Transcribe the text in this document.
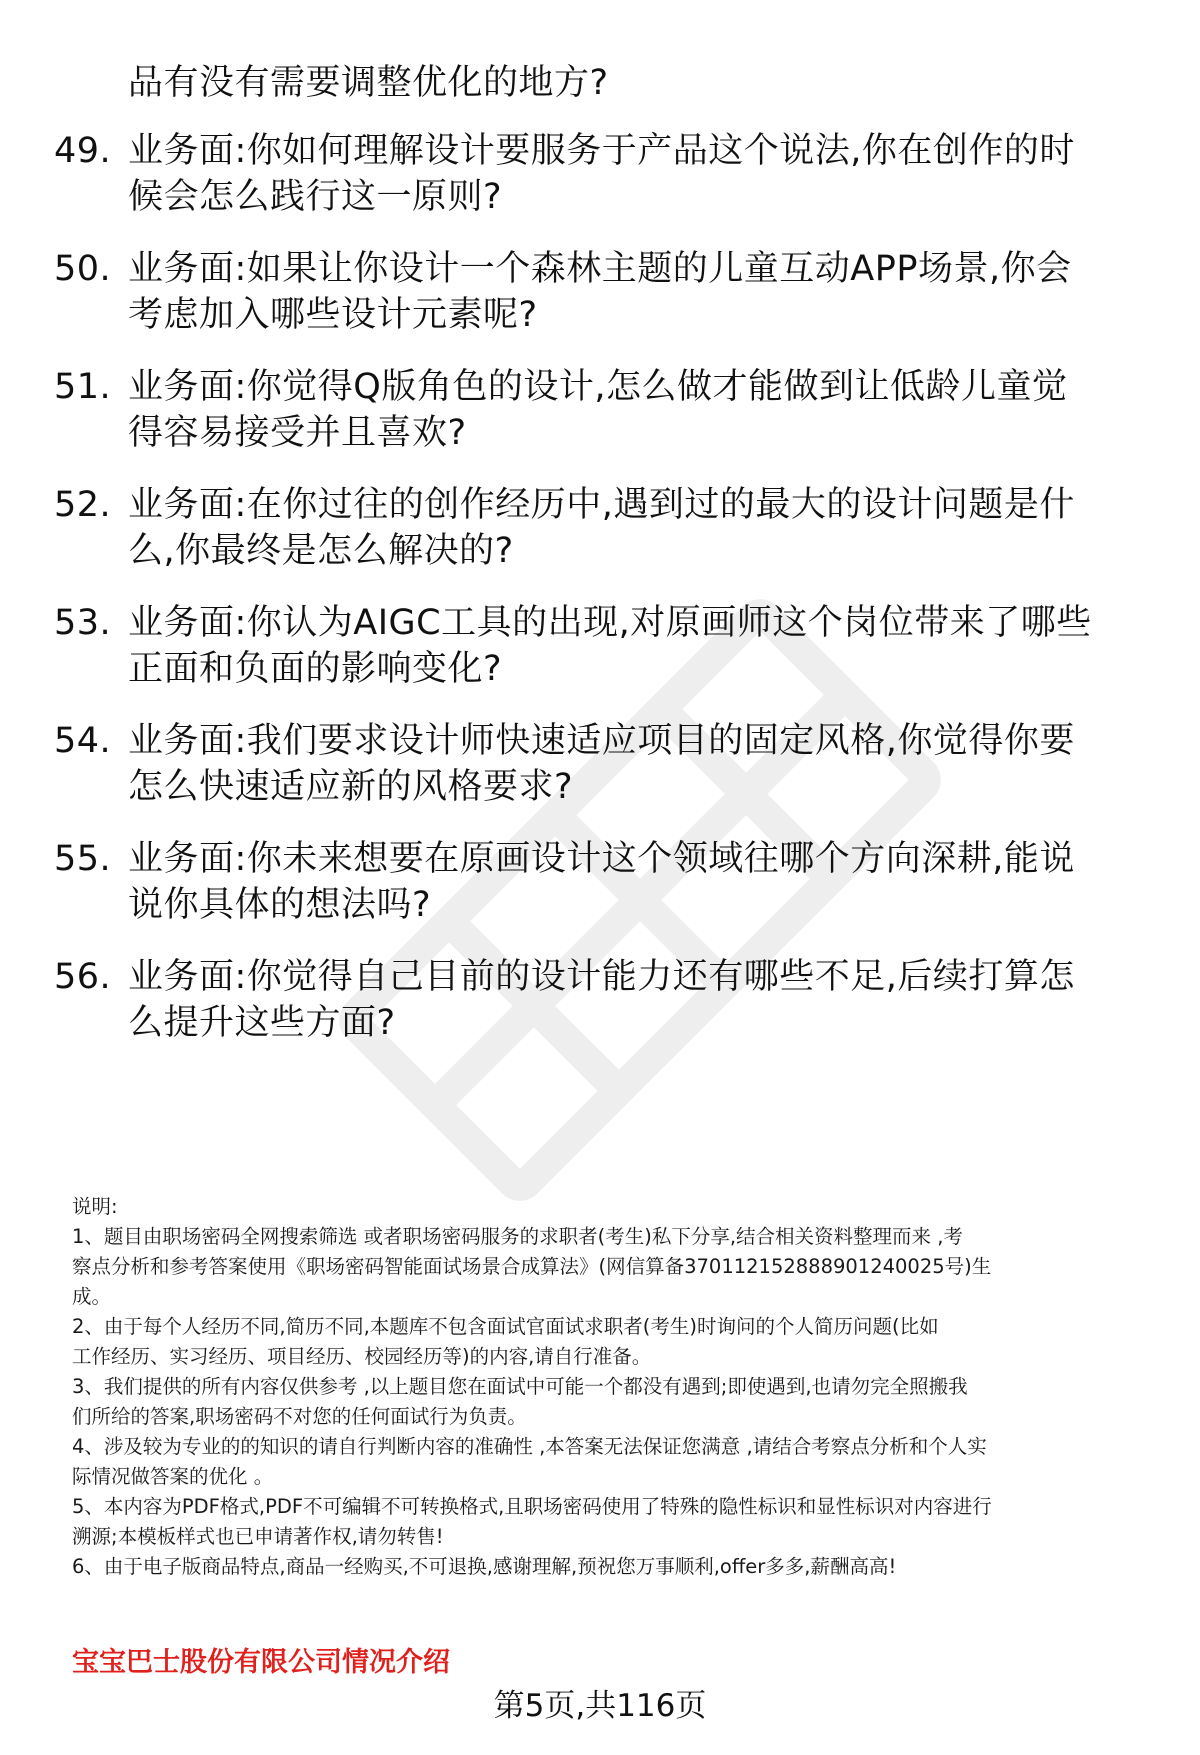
品有没有需要调整优化的地方?
49. 业务面:你如何理解设计要服务于产品这个说法,你在创作的时
候会怎么践行这一原则?
50. 业务面:如果让你设计一个森林主题的儿童互动APP场景,你会
考虑加入哪些设计元素呢?
51. 业务面:你觉得Q版角色的设计,怎么做才能做到让低龄儿童觉
得容易接受并且喜欢?
52. 业务面:在你过往的创作经历中,遇到过的最大的设计问题是什
么,你最终是怎么解决的?
53. 业务面:你认为AIGC工具的出现,对原画师这个岗位带来了哪些
正面和负面的影响变化?
54. 业务面:我们要求设计师快速适应项目的固定风格,你觉得你要
怎么快速适应新的风格要求?
55. 业务面:你未来想要在原画设计这个领域往哪个方向深耕,能说
说你具体的想法吗?
56. 业务面:你觉得自己目前的设计能力还有哪些不足,后续打算怎
么提升这些方面?
说明:
1、题目由职场密码全网搜索筛选 或者职场密码服务的求职者(考生)私下分享,结合相关资料整理而来 ,考
察点分析和参考答案使用《职场密码智能面试场景合成算法》(网信算备370112152888901240025号)生
成。
2、由于每个人经历不同,简历不同,本题库不包含面试官面试求职者(考生)时询问的个人简历问题(比如
工作经历、实习经历、项目经历、校园经历等)的内容,请自行准备。
3、我们提供的所有内容仅供参考 ,以上题目您在面试中可能一个都没有遇到;即使遇到,也请勿完全照搬我
们所给的答案,职场密码不对您的任何面试行为负责。
4、涉及较为专业的的知识的请自行判断内容的准确性 ,本答案无法保证您满意 ,请结合考察点分析和个人实
际情况做答案的优化 。
5、本内容为PDF格式,PDF不可编辑不可转换格式,且职场密码使用了特殊的隐性标识和显性标识对内容进行
溯源;本模板样式也已申请著作权,请勿转售!
6、由于电子版商品特点,商品一经购买,不可退换,感谢理解,预祝您万事顺利,offer多多,薪酬高高!
宝宝巴士股份有限公司情况介绍
第5页,共116页
